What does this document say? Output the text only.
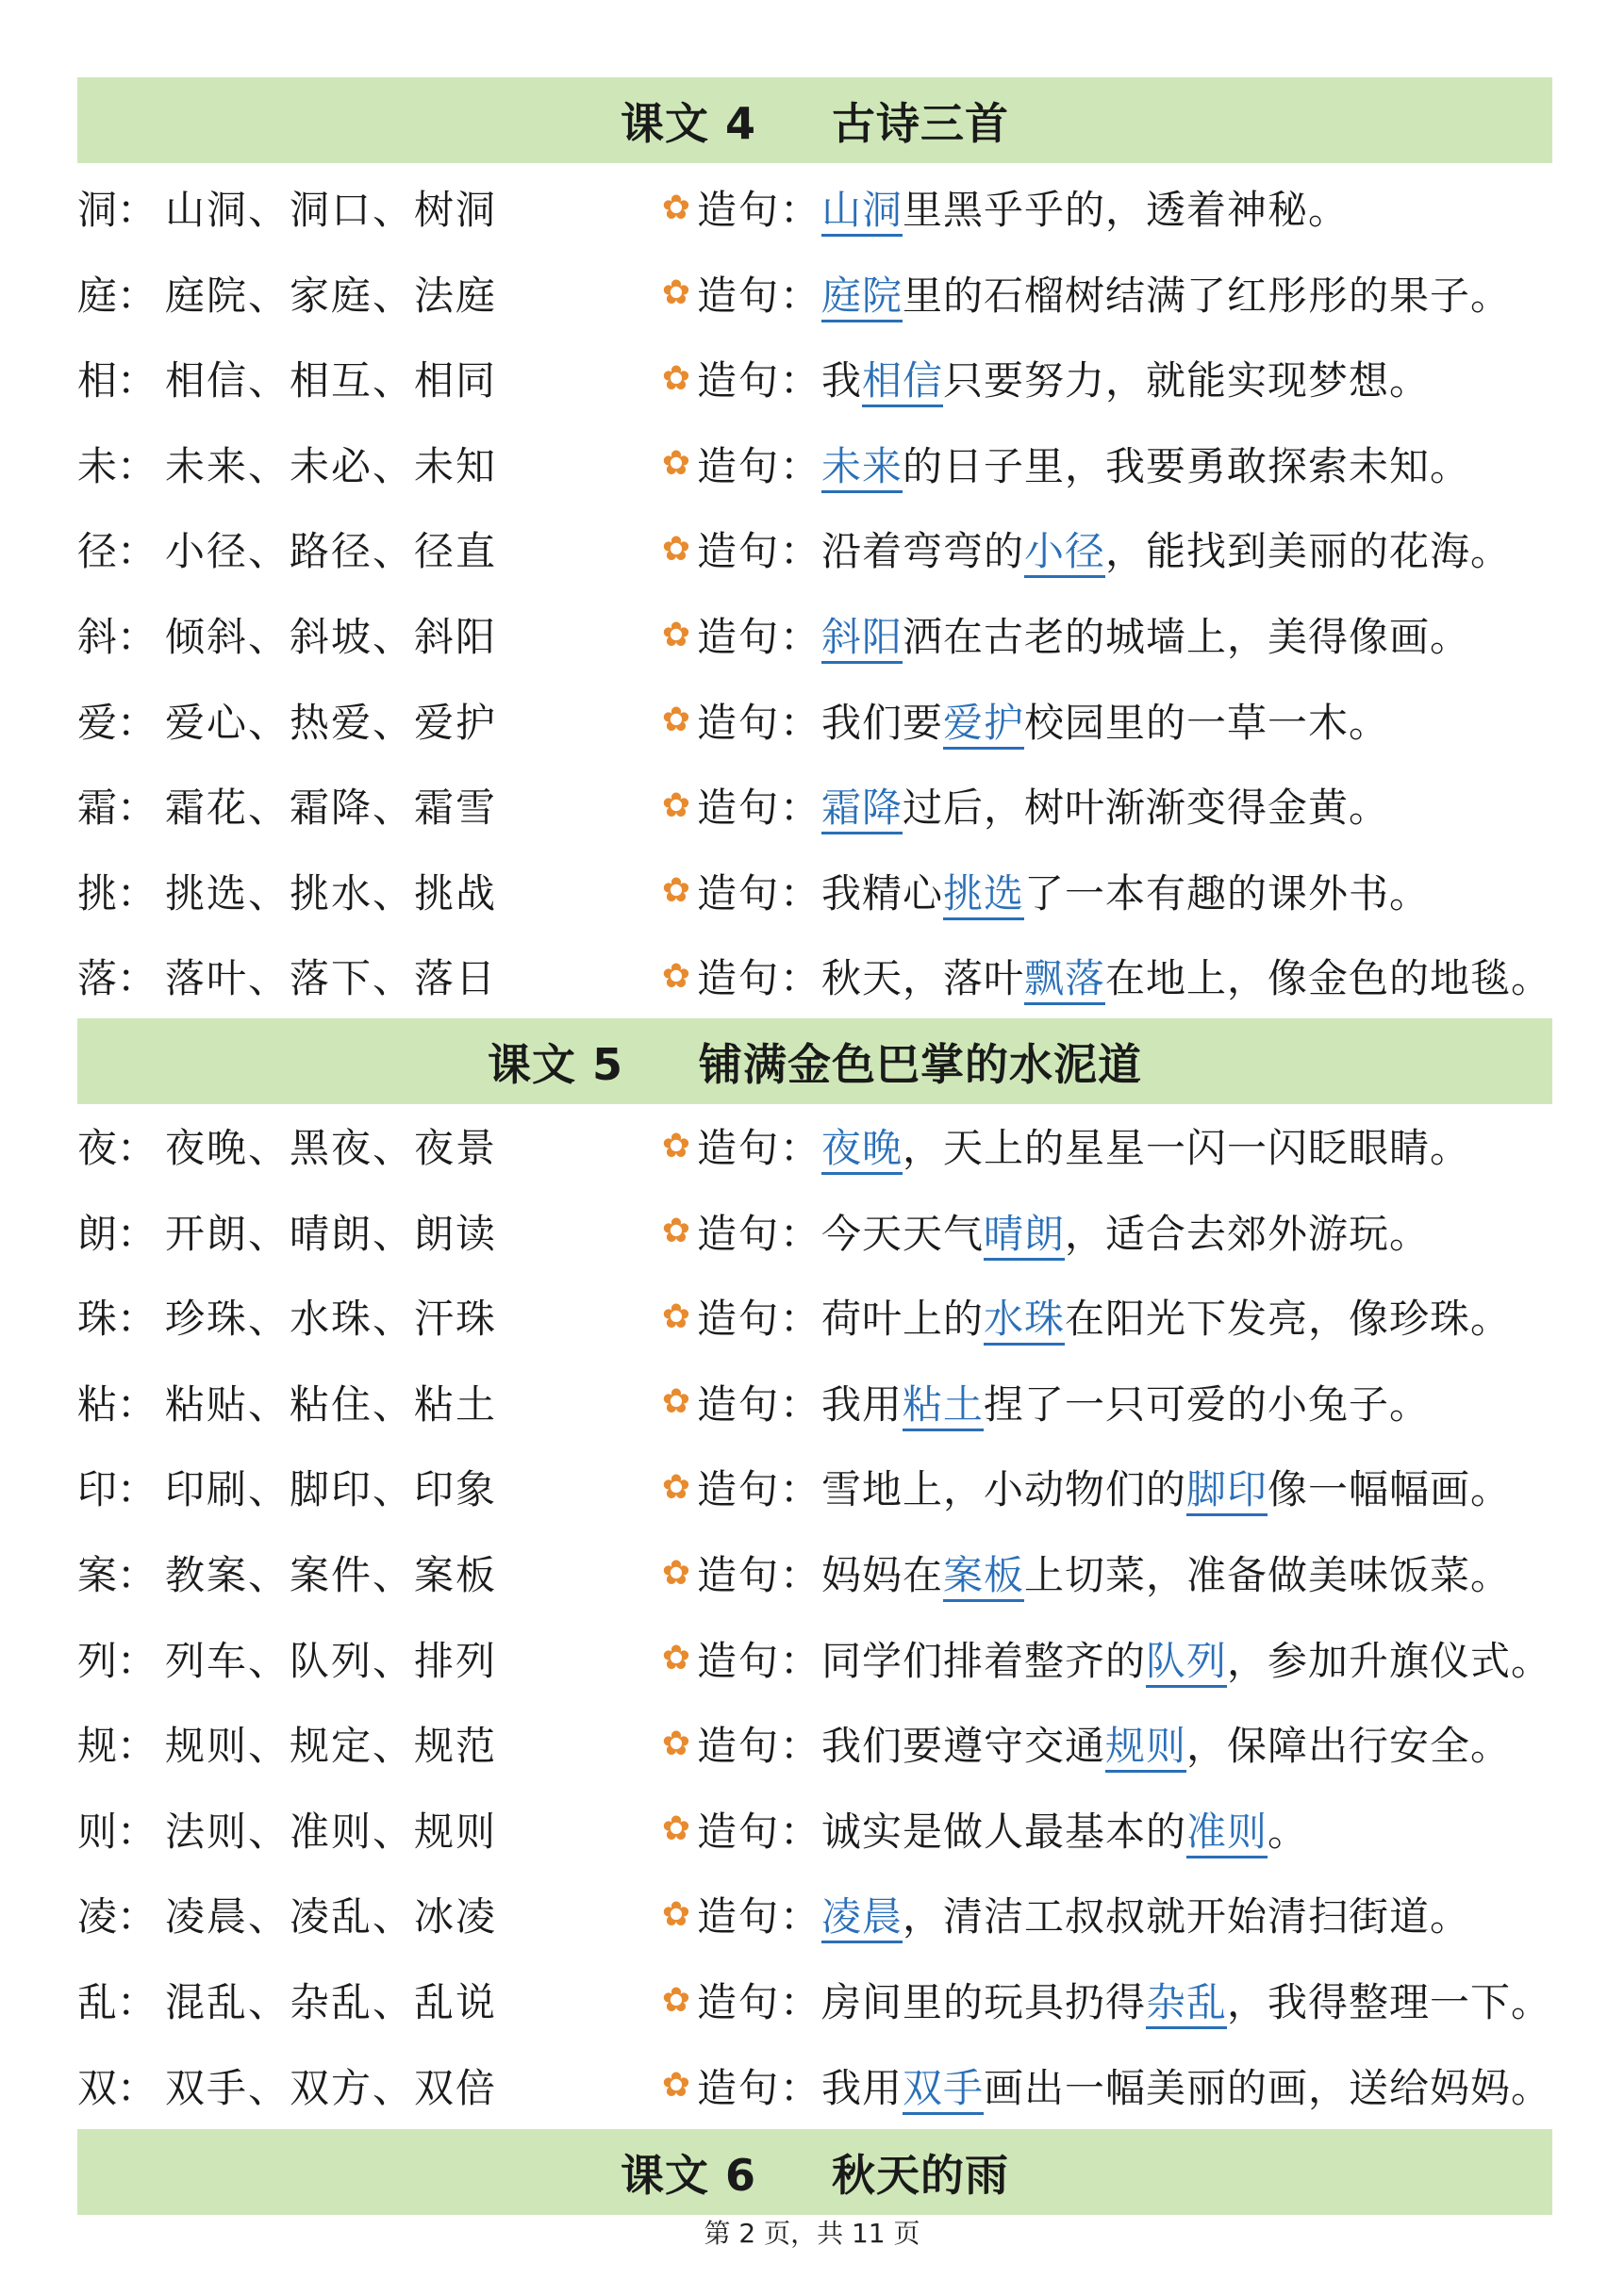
课文 4 古诗三首
洞： 山洞、洞口、树洞	✿ 造句： 山洞里黑乎乎的，透着神秘。
庭： 庭院、家庭、法庭	✿ 造句： 庭院里的石榴树结满了红彤彤的果子。
相： 相信、相互、相同	✿ 造句： 我相信只要努力，就能实现梦想。
未： 未来、未必、未知	✿ 造句： 未来的日子里，我要勇敢探索未知。
径： 小径、路径、径直	✿ 造句： 沿着弯弯的小径，能找到美丽的花海。
斜： 倾斜、斜坡、斜阳	✿ 造句： 斜阳洒在古老的城墙上，美得像画。
爱： 爱心、热爱、爱护	✿ 造句： 我们要爱护校园里的一草一木。
霜： 霜花、霜降、霜雪	✿ 造句： 霜降过后，树叶渐渐变得金黄。
挑： 挑选、挑水、挑战	✿ 造句： 我精心挑选了一本有趣的课外书。
落： 落叶、落下、落日	✿ 造句： 秋天，落叶飘落在地上，像金色的地毯。
课文 5 铺满金色巴掌的水泥道
夜： 夜晚、黑夜、夜景	✿ 造句： 夜晚，天上的星星一闪一闪眨眼睛。
朗： 开朗、晴朗、朗读	✿ 造句： 今天天气晴朗，适合去郊外游玩。
珠： 珍珠、水珠、汗珠	✿ 造句： 荷叶上的水珠在阳光下发亮，像珍珠。
粘： 粘贴、粘住、粘土	✿ 造句： 我用粘土捏了一只可爱的小兔子。
印： 印刷、脚印、印象	✿ 造句： 雪地上，小动物们的脚印像一幅幅画。
案： 教案、案件、案板	✿ 造句： 妈妈在案板上切菜，准备做美味饭菜。
列： 列车、队列、排列	✿ 造句： 同学们排着整齐的队列，参加升旗仪式。
规： 规则、规定、规范	✿ 造句： 我们要遵守交通规则，保障出行安全。
则： 法则、准则、规则	✿ 造句： 诚实是做人最基本的准则。
凌： 凌晨、凌乱、冰凌	✿ 造句： 凌晨，清洁工叔叔就开始清扫街道。
乱： 混乱、杂乱、乱说	✿ 造句： 房间里的玩具扔得杂乱，我得整理一下。
双： 双手、双方、双倍	✿ 造句： 我用双手画出一幅美丽的画，送给妈妈。
课文 6 秋天的雨
第 2 页，共 11 页
